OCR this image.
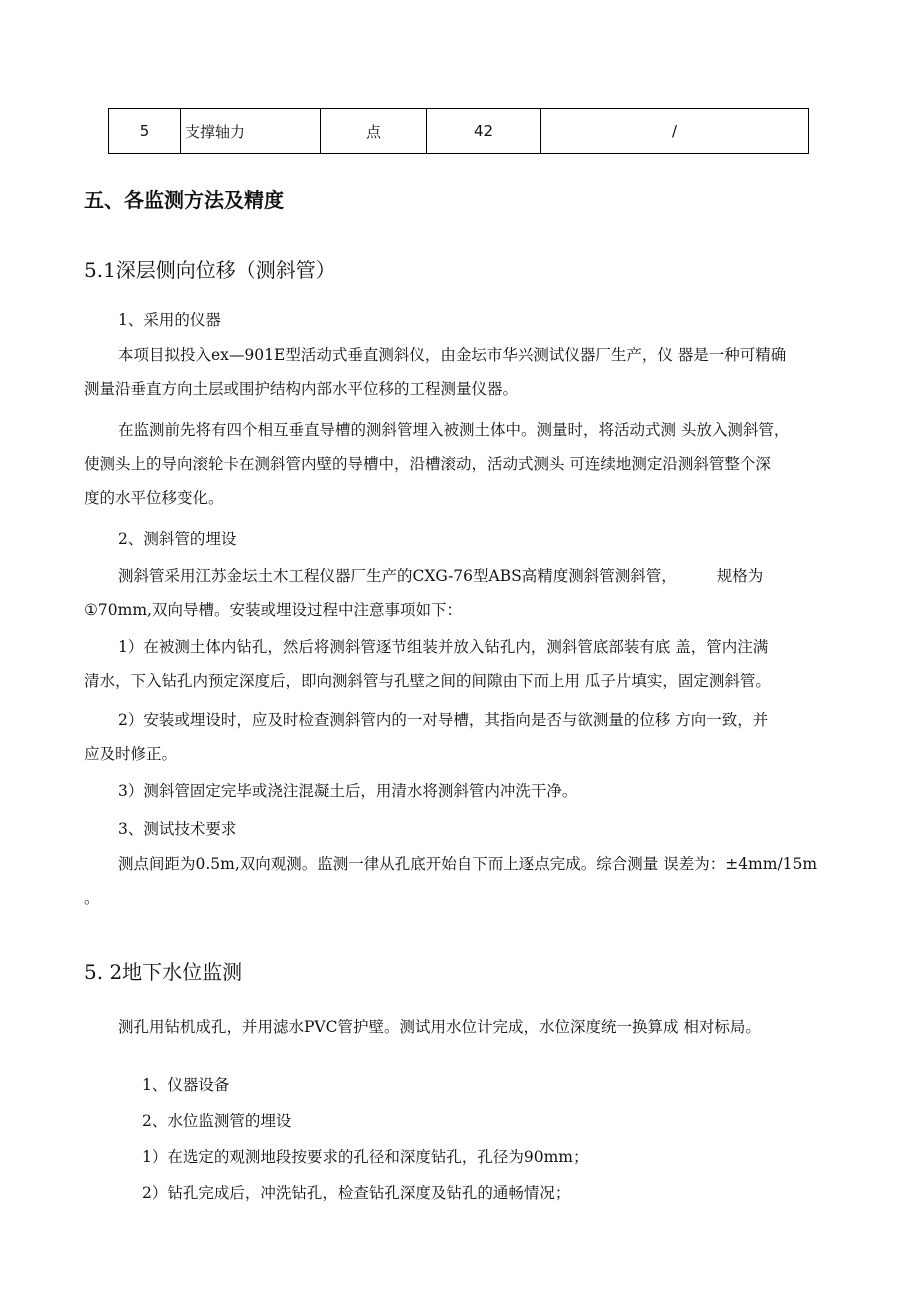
5	支撑轴力	点	42	/
五、各监测方法及精度
5.1深层侧向位移（测斜管）
1、采用的仪器
本项目拟投入ex—901E型活动式垂直测斜仪，由金坛市华兴测试仪器厂生产，仪 器是一种可精确
测量沿垂直方向土层或围护结构内部水平位移的工程测量仪器。
在监测前先将有四个相互垂直导槽的测斜管埋入被测土体中。测量时，将活动式测 头放入测斜管，
使测头上的导向滚轮卡在测斜管内壁的导槽中，沿槽滚动，活动式测头 可连续地测定沿测斜管整个深
度的水平位移变化。
2、测斜管的埋设
测斜管采用江苏金坛土木工程仪器厂生产的CXG-76型ABS高精度测斜管测斜管，	规格为
①70mm,双向导槽。安装或埋设过程中注意事项如下：
1）在被测土体内钻孔，然后将测斜管逐节组装并放入钻孔内，测斜管底部装有底 盖，管内注满
清水，下入钻孔内预定深度后，即向测斜管与孔壁之间的间隙由下而上用 瓜子片填实，固定测斜管。
2）安装或埋设时，应及时检查测斜管内的一对导槽，其指向是否与欲测量的位移 方向一致，并
应及时修正。
3）测斜管固定完毕或浇注混凝土后，用清水将测斜管内冲洗干净。
3、测试技术要求
测点间距为0.5m,双向观测。监测一律从孔底开始自下而上逐点完成。综合测量 误差为：±4mm/15m
。
5. 2地下水位监测
测孔用钻机成孔，并用滤水PVC管护壁。测试用水位计完成，水位深度统一换算成 相对标局。
1、仪器设备
2、水位监测管的埋设
1）在选定的观测地段按要求的孔径和深度钻孔，孔径为90mm；
2）钻孔完成后，冲洗钻孔，检查钻孔深度及钻孔的通畅情况；
